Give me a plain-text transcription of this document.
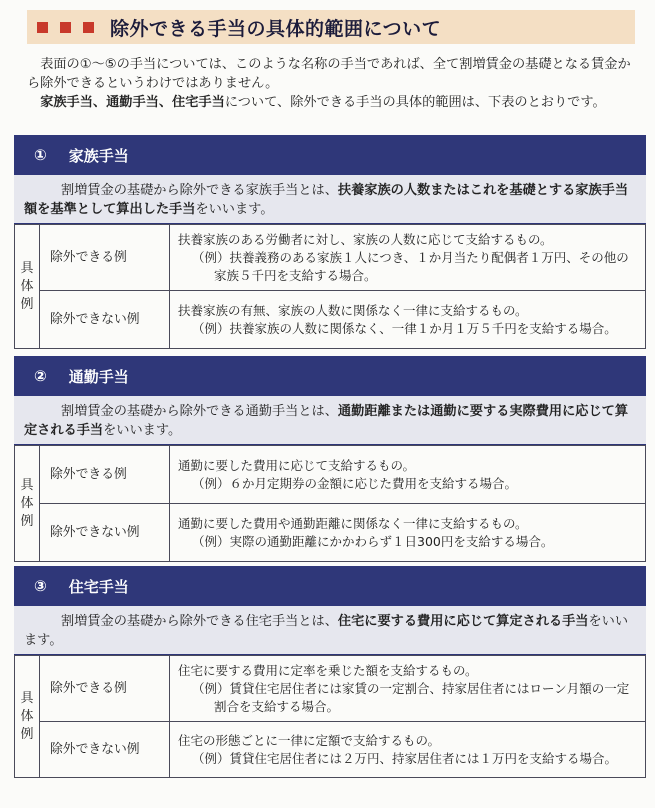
除外できる手当の具体的範囲について

表面の①～⑤の手当については、このような名称の手当であれば、全て割増賃金の基礎となる賃金から除外できるというわけではありません。

家族手当、通勤手当、住宅手当について、除外できる手当の具体的範囲は、下表のとおりです。

① 家族手当
割増賃金の基礎から除外できる家族手当とは、扶養家族の人数またはこれを基礎とする家族手当額を基準として算出した手当をいいます。
具体例	除外できる例	扶養家族のある労働者に対し、家族の人数に応じて支給するもの。
（例）扶養義務のある家族１人につき、１か月当たり配偶者１万円、その他の
家族５千円を支給する場合。

	除外できない例	扶養家族の有無、家族の人数に関係なく一律に支給するもの。
（例）扶養家族の人数に関係なく、一律１か月１万５千円を支給する場合。
② 通勤手当
割増賃金の基礎から除外できる通勤手当とは、通勤距離または通勤に要する実際費用に応じて算定される手当をいいます。
具体例	除外できる例	通勤に要した費用に応じて支給するもの。
（例）６か月定期券の金額に応じた費用を支給する場合。

	除外できない例	通勤に要した費用や通勤距離に関係なく一律に支給するもの。
（例）実際の通勤距離にかかわらず１日300円を支給する場合。
③ 住宅手当
割増賃金の基礎から除外できる住宅手当とは、住宅に要する費用に応じて算定される手当をいいます。
具体例	除外できる例	住宅に要する費用に定率を乗じた額を支給するもの。
（例）賃貸住宅居住者には家賃の一定割合、持家居住者にはローン月額の一定
割合を支給する場合。

	除外できない例	住宅の形態ごとに一律に定額で支給するもの。
（例）賃貸住宅居住者には２万円、持家居住者には１万円を支給する場合。
